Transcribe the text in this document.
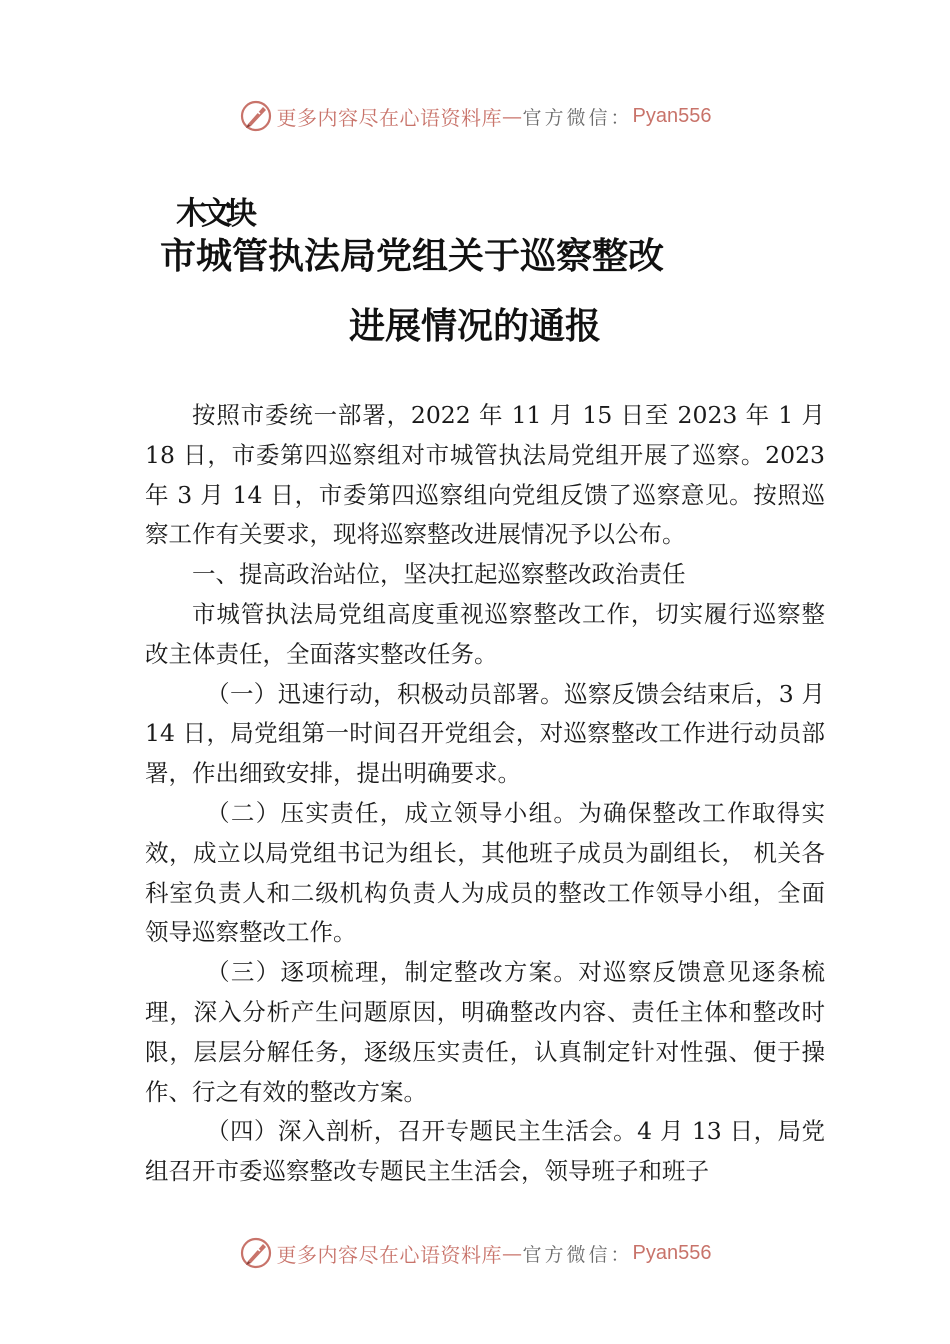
更多内容尽在心语资料库 — 官方微信： Pyan556
木文块
市城管执法局党组关于巡察整改
进展情况的通报

按照市委统一部署，2022 年 11 月 15 日至 2023 年 1 月 18 日，市委第四巡察组对市城管执法局党组开展了巡察。2023 年 3 月 14 日，市委第四巡察组向党组反馈了巡察意见。按照巡察工作有关要求，现将巡察整改进展情况予以公布。

一、提高政治站位，坚决扛起巡察整改政治责任

市城管执法局党组高度重视巡察整改工作，切实履行巡察整改主体责任，全面落实整改任务。

（一）迅速行动，积极动员部署。巡察反馈会结束后，3 月 14 日，局党组第一时间召开党组会，对巡察整改工作进行动员部署，作出细致安排，提出明确要求。

（二）压实责任，成立领导小组。为确保整改工作取得实效，成立以局党组书记为组长，其他班子成员为副组长， 机关各科室负责人和二级机构负责人为成员的整改工作领导小组，全面领导巡察整改工作。

（三）逐项梳理，制定整改方案。对巡察反馈意见逐条梳理，深入分析产生问题原因，明确整改内容、责任主体和整改时限，层层分解任务，逐级压实责任，认真制定针对性强、便于操作、行之有效的整改方案。

（四）深入剖析，召开专题民主生活会。4 月 13 日，局党组召开市委巡察整改专题民主生活会，领导班子和班子

更多内容尽在心语资料库 — 官方微信： Pyan556
